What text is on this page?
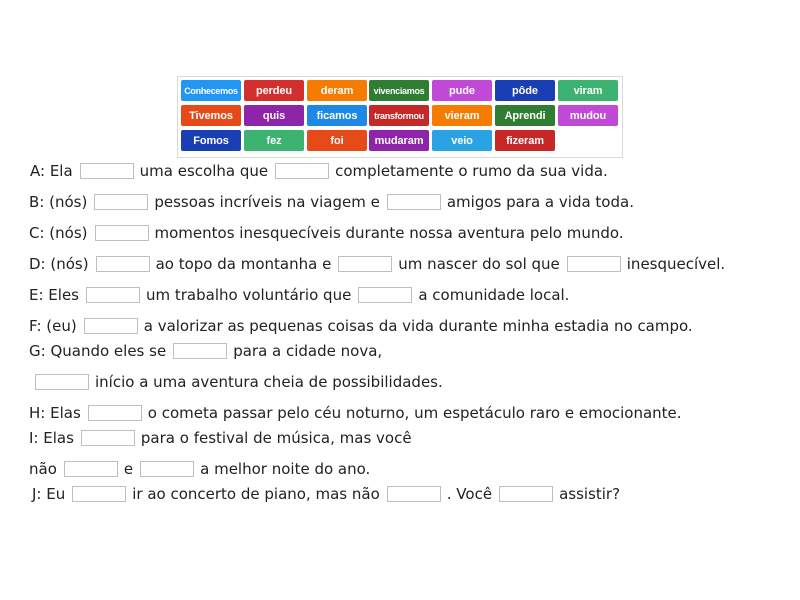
Conhecemos	perdeu	deram	vivenciamos	pude	pôde	viram
Tivemos	quis	ficamos	transformou	vieram	Aprendi	mudou
Fomos	fez	foi	mudaram	veio	fizeram
A: Ela	uma escolha que	completamente o rumo da sua vida.
B: (nós)	pessoas incríveis na viagem e	amigos para a vida toda.
C: (nós)	momentos inesquecíveis durante nossa aventura pelo mundo.
D: (nós)	ao topo da montanha e	um nascer do sol que	inesquecível.
E: Eles	um trabalho voluntário que	a comunidade local.
F: (eu)	a valorizar as pequenas coisas da vida durante minha estadia no campo.
G: Quando eles se	para a cidade nova,
início a uma aventura cheia de possibilidades.
H: Elas	o cometa passar pelo céu noturno, um espetáculo raro e emocionante.
I: Elas	para o festival de música, mas você
não	e	a melhor noite do ano.
J: Eu	ir ao concerto de piano, mas não	. Você	assistir?
